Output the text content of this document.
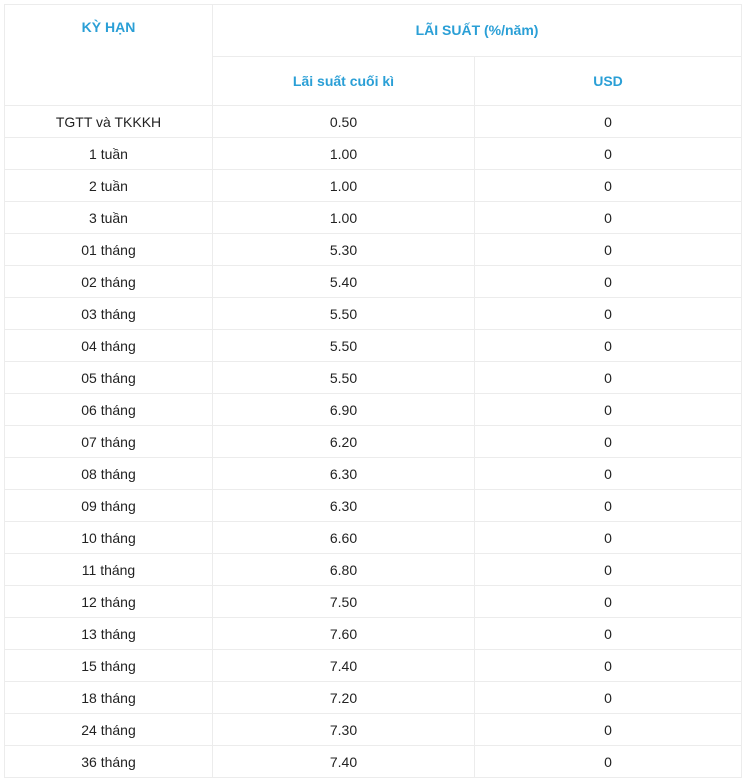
KỲ HẠN	LÃI SUẤT (%/năm)	
	Lãi suất cuối kì	USD
TGTT và TKKKH	0.50	0
1 tuần	1.00	0
2 tuần	1.00	0
3 tuần	1.00	0
01 tháng	5.30	0
02 tháng	5.40	0
03 tháng	5.50	0
04 tháng	5.50	0
05 tháng	5.50	0
06 tháng	6.90	0
07 tháng	6.20	0
08 tháng	6.30	0
09 tháng	6.30	0
10 tháng	6.60	0
11 tháng	6.80	0
12 tháng	7.50	0
13 tháng	7.60	0
15 tháng	7.40	0
18 tháng	7.20	0
24 tháng	7.30	0
36 tháng	7.40	0
